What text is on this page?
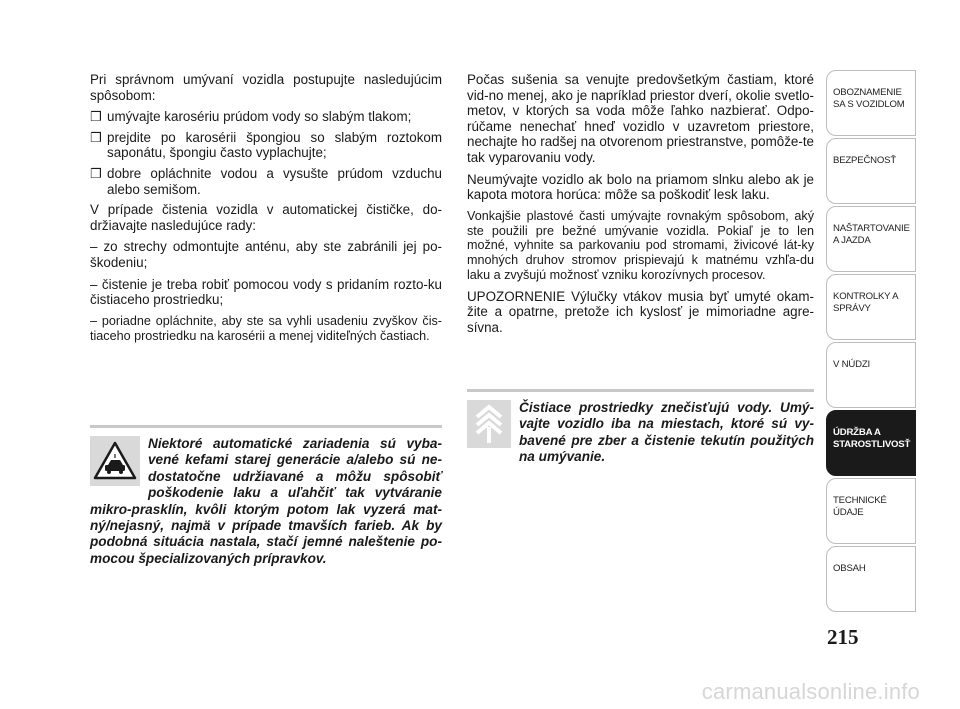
Pri správnom umývaní vozidla postupujte nasledujúcim spôsobom:

❒ umývajte karosériu prúdom vody so slabým tlakom;
❒ prejdite po karosérii špongiou so slabým roztokom saponátu, špongiu často vyplachujte;
❒ dobre opláchnite vodou a vysušte prúdom vzduchu alebo semišom.

V prípade čistenia vozidla v automatickej čističke, do-držiavajte nasledujúce rady:

– zo strechy odmontujte anténu, aby ste zabránili jej po-škodeniu;

– čistenie je treba robiť pomocou vody s pridaním rozto-ku čistiaceho prostriedku;

– poriadne opláchnite, aby ste sa vyhli usadeniu zvyškov čis-tiaceho prostriedku na karosérii a menej viditeľných častiach.

Počas sušenia sa venujte predovšetkým častiam, ktoré vid-no menej, ako je napríklad priestor dverí, okolie svetlo-metov, v ktorých sa voda môže ľahko nazbierať. Odpo-rúčame nenechať hneď vozidlo v uzavretom priestore, nechajte ho radšej na otvorenom priestranstve, pomôže-te tak vyparovaniu vody.

Neumývajte vozidlo ak bolo na priamom slnku alebo ak je kapota motora horúca: môže sa poškodiť lesk laku.

Vonkajšie plastové časti umývajte rovnakým spôsobom, aký ste použili pre bežné umývanie vozidla. Pokiaľ je to len možné, vyhnite sa parkovaniu pod stromami, živicové lát-ky mnohých druhov stromov prispievajú k matnému vzhľa-du laku a zvyšujú možnosť vzniku korozívnych procesov.

UPOZORNENIE Výlučky vtákov musia byť umyté okam-žite a opatrne, pretože ich kyslosť je mimoriadne agre-sívna.

Niektoré automatické zariadenia sú vyba-vené kefami starej generácie a/alebo sú ne-dostatočne udržiavané a môžu spôsobiť poškodenie laku a uľahčiť tak vytváranie mikro-prasklín, kvôli ktorým potom lak vyzerá mat-ný/nejasný, najmä v prípade tmavších farieb. Ak by podobná situácia nastala, stačí jemné naleštenie po-mocou špecializovaných prípravkov.

Čistiace prostriedky znečisťujú vody. Umý-vajte vozidlo iba na miestach, ktoré sú vy-bavené pre zber a čistenie tekutín použitých na umývanie.

OBOZNAMENIE SA S VOZIDLOM
BEZPEČNOSŤ
NAŠTARTOVANIE A JAZDA
KONTROLKY A SPRÁVY
V NÚDZI
ÚDRŽBA A STAROSTLIVOSŤ
TECHNICKÉ ÚDAJE
OBSAH
215
carmanualsonline.info
